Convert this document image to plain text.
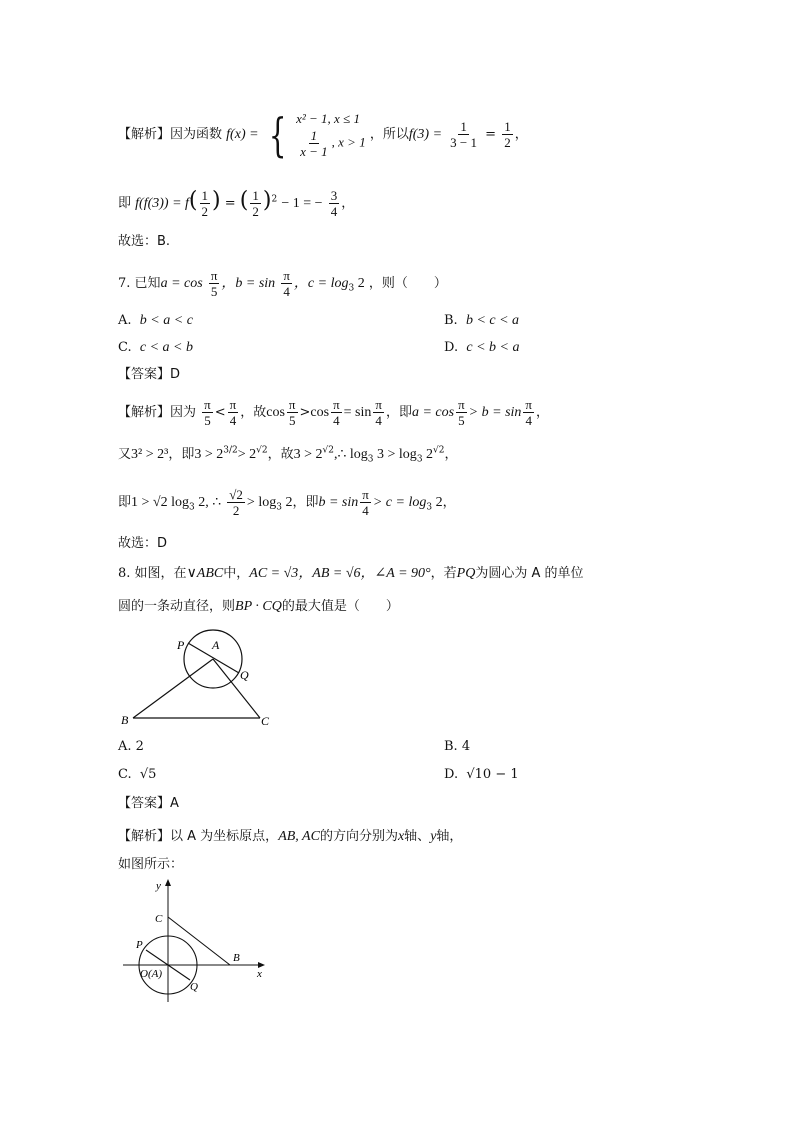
【解析】因为函数 f(x) = { x² − 1, x ≤ 1
$\frac{1}{x - 1}$ , x > 1 ，所以$f(3) = \frac{1}{3 - 1} = \frac{1}{2}$ ，
即 $f(f(3)) = f( \frac{1}{2}$ ) = ( $\frac{1}{2} )^2 - 1$ = − $\frac{3}{4}$ ，
故选：B.
7. 已知$a = \cos \frac{\pi}{5}$ ，$b = \sin \frac{\pi}{4}$ ，$c = \log_3 2$ ，则（　　）
A. b < a < c	B. b < c < a
C. c < a < b	D. c < b < a
【答案】D
【解析】因为 $\frac{\pi}{5} < \frac{\pi}{4}$ ，故$\cos \frac{\pi}{5} >\cos \frac{\pi}{4} = \sin \frac{\pi}{4}$ ，即$a = \cos \frac{\pi}{5} > b = \sin \frac{\pi}{4}$ ，
又3² > 2³，即$3 > 2^{3/2}> 2^{√2}$，故$3 > 2^{√2},\therefore$ $\log_3 3 > \log_3 2^{√2}$，
即1 > √2 $\log_3 2$, ∴ $\frac{√2}{2} > \log_3 2$，即$b = \sin \frac{\pi}{4} > c = \log_3 2$，
故选：D
8. 如图，在∨ABC中，AC = √3，AB = √6，∠A = 90°，若PQ为圆心为 A 的单位
圆的一条动直径，则BP · CQ的最大值是（　　）
P A
Q
B	C
A. 2	B. 4
C. √5	D. √10 − 1
【答案】A
【解析】以 A 为坐标原点，AB, AC的方向分别为x轴、y轴，
如图所示：
y
x
C
P
B
O(A)
Q
